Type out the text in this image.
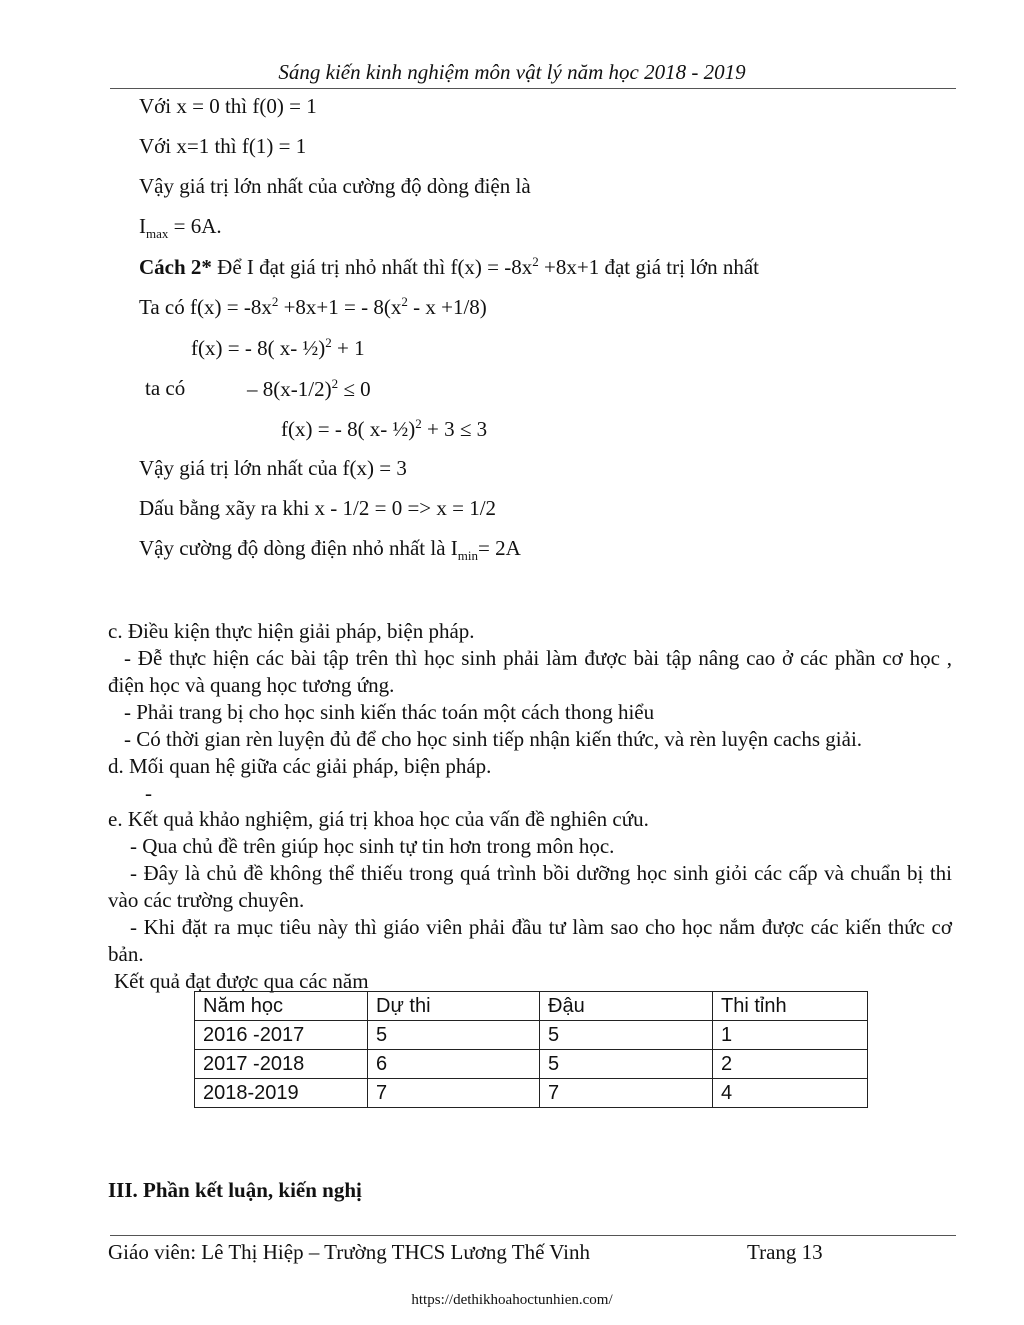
Sáng kiến kinh nghiệm môn vật lý năm học 2018 - 2019
Với x = 0 thì f(0) = 1
Với x=1 thì f(1) = 1
Vậy giá trị lớn nhất của cường độ dòng điện là
$I_{max} = 6A$.
Cách 2* Để I đạt giá trị nhỏ nhất thì $f(x) = -8x^2 +8x+1$ đạt giá trị lớn nhất
Ta có $f(x) = -8x^2 +8x+1$ = - $8(x^2 - x +1/8)$
f(x) = - 8( x- ½)$^2$ + 1
ta có	– $8(x-1/2)^2 \le 0$
f(x) = - 8( x- ½)$^2$ + 3 ≤ 3
Vậy giá trị lớn nhất của f(x) = 3
Dấu bằng xãy ra khi x - 1/2 = 0 => x = 1/2
Vậy cường độ dòng điện nhỏ nhất là $I_{min}= 2A$
c. Điều kiện thực hiện giải pháp, biện pháp.
- Đễ thực hiện các bài tập trên thì học sinh phải làm được bài tập nâng cao ở các phần cơ học , điện học và quang học tương ứng.
- Phải trang bị cho học sinh kiến thác toán một cách thong hiểu
- Có thời gian rèn luyện đủ để cho học sinh tiếp nhận kiến thức, và rèn luyện cachs giải.
d. Mối quan hệ giữa các giải pháp, biện pháp.
-
e. Kết quả khảo nghiệm, giá trị khoa học của vấn đề nghiên cứu.
- Qua chủ đề trên giúp học sinh tự tin hơn trong môn học.
- Đây là chủ đề không thể thiếu trong quá trình bồi dưỡng học sinh giỏi các cấp và chuẩn bị thi vào các trường chuyên.
- Khi đặt ra mục tiêu này thì giáo viên phải đầu tư làm sao cho học nắm được các kiến thức cơ bản.
Kết quả đạt được qua các năm
Năm học	Dự thi	Đậu	Thi tỉnh
2016 -2017	5	5	1
2017 -2018	6	5	2
2018-2019	7	7	4
III. Phần kết luận, kiến nghị
Giáo viên: Lê Thị Hiệp – Trường THCS Lương Thế Vinh	Trang 13
https://dethikhoahoctunhien.com/
